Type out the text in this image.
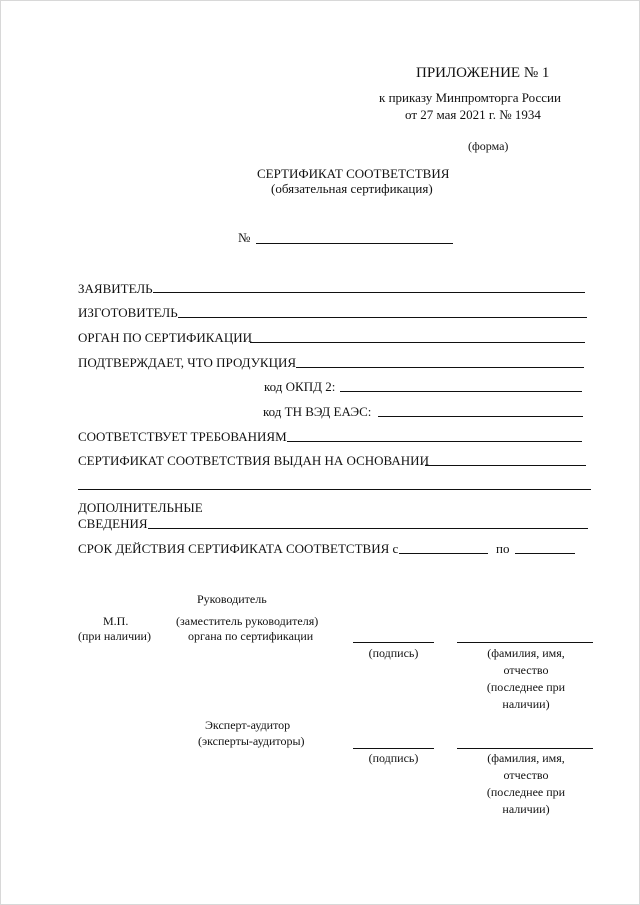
ПРИЛОЖЕНИЕ № 1
к приказу Минпромторга России
от 27 мая 2021 г. № 1934
(форма)
СЕРТИФИКАТ СООТВЕТСТВИЯ
(обязательная сертификация)
№
ЗАЯВИТЕЛЬ
ИЗГОТОВИТЕЛЬ
ОРГАН ПО СЕРТИФИКАЦИИ
ПОДТВЕРЖДАЕТ, ЧТО ПРОДУКЦИЯ
код ОКПД 2:
код ТН ВЭД ЕАЭС:
СООТВЕТСТВУЕТ ТРЕБОВАНИЯМ
СЕРТИФИКАТ СООТВЕТСТВИЯ ВЫДАН НА ОСНОВАНИИ
ДОПОЛНИТЕЛЬНЫЕ
СВЕДЕНИЯ
СРОК ДЕЙСТВИЯ СЕРТИФИКАТА СООТВЕТСТВИЯ с	по
Руководитель
М.П.
(при наличии)
(заместитель руководителя)
органа по сертификации
(подпись)	(фамилия, имя,
отчество
(последнее при
наличии)
Эксперт-аудитор
(эксперты-аудиторы)
(подпись)	(фамилия, имя,
отчество
(последнее при
наличии)
